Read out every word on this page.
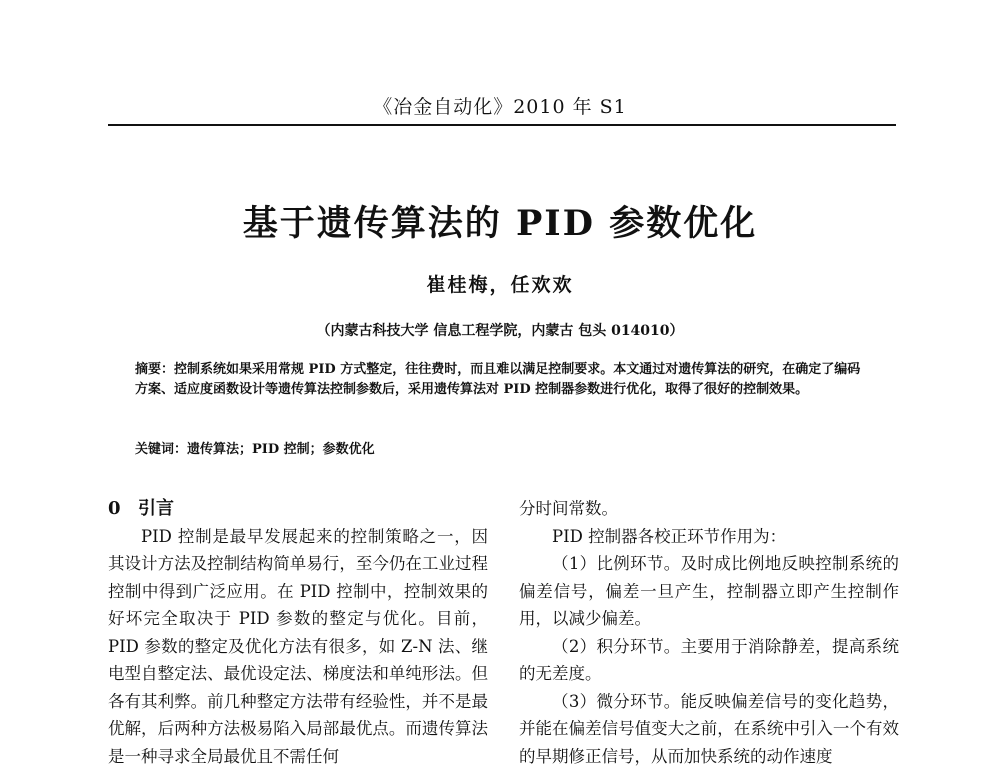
《冶金自动化》2010 年 S1
基于遗传算法的 PID 参数优化
崔桂梅，任欢欢
（内蒙古科技大学 信息工程学院，内蒙古 包头 014010）

摘要：控制系统如果采用常规 PID 方式整定，往往费时，而且难以满足控制要求。本文通过对遗传算法的研究，在确定了编码方案、适应度函数设计等遗传算法控制参数后，采用遗传算法对 PID 控制器参数进行优化，取得了很好的控制效果。

关键词：遗传算法；PID 控制；参数优化
0 引言

PID 控制是最早发展起来的控制策略之一，因其设计方法及控制结构简单易行，至今仍在工业过程控制中得到广泛应用。在 PID 控制中，控制效果的好坏完全取决于 PID 参数的整定与优化。目前，PID 参数的整定及优化方法有很多，如 Z-N 法、继电型自整定法、最优设定法、梯度法和单纯形法。但各有其利弊。前几种整定方法带有经验性，并不是最优解，后两种方法极易陷入局部最优点。而遗传算法是一种寻求全局最优且不需任何

分时间常数。

PID 控制器各校正环节作用为：

（1）比例环节。及时成比例地反映控制系统的偏差信号，偏差一旦产生，控制器立即产生控制作用，以减少偏差。

（2）积分环节。主要用于消除静差，提高系统的无差度。

（3）微分环节。能反映偏差信号的变化趋势，并能在偏差信号值变大之前，在系统中引入一个有效的早期修正信号，从而加快系统的动作速度
